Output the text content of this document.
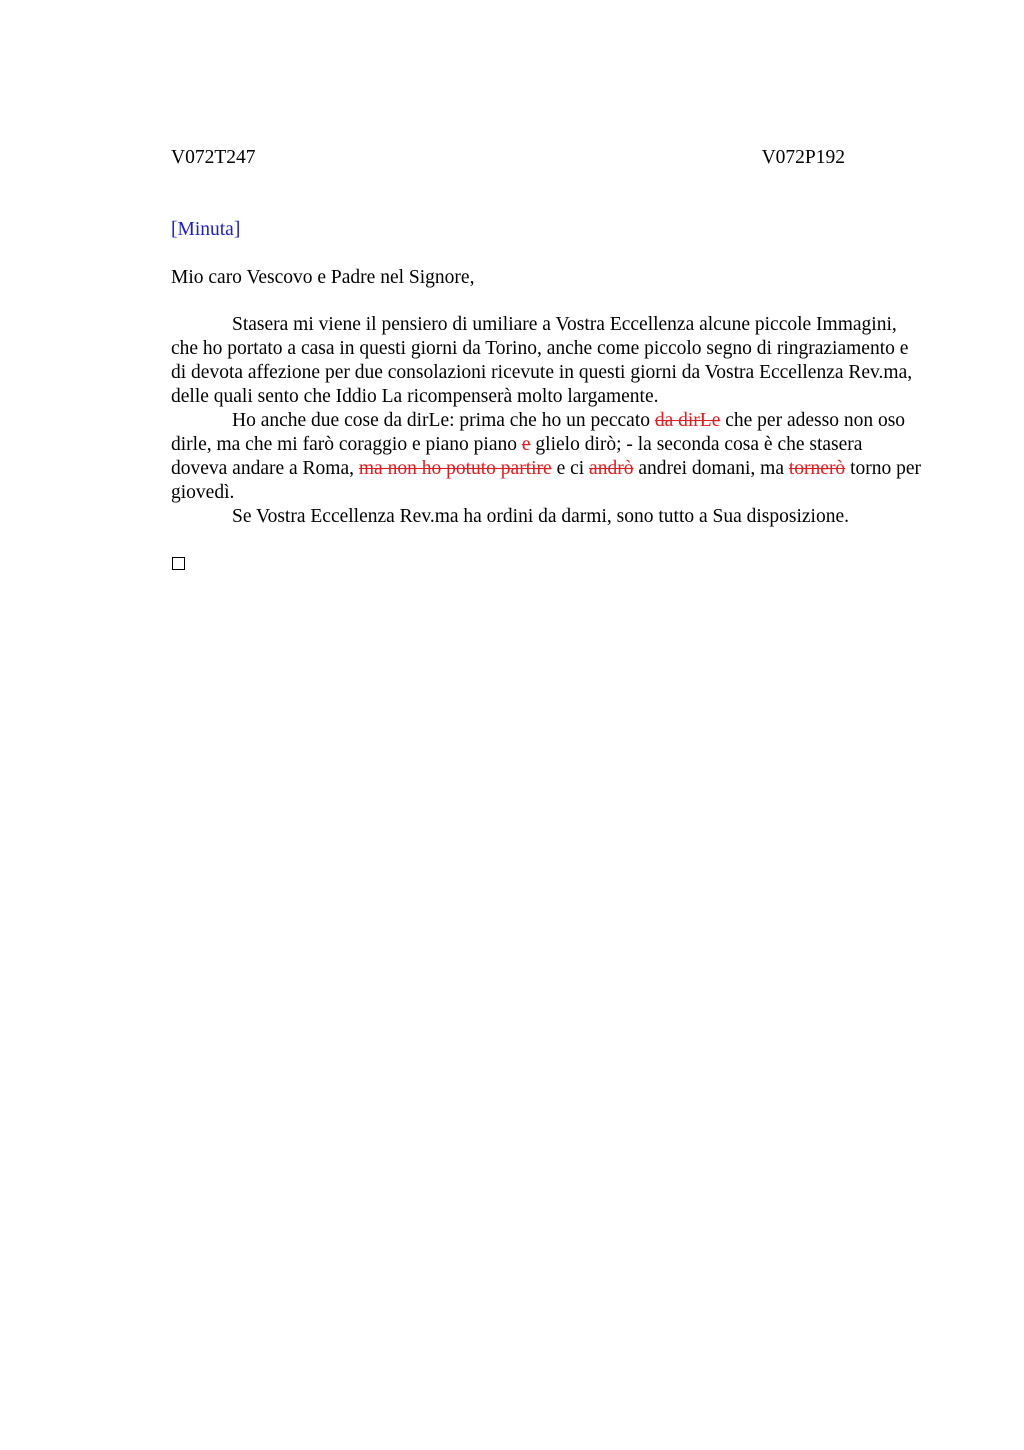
V072T247	V072P192
[Minuta]
Mio caro Vescovo e Padre nel Signore,

Stasera mi viene il pensiero di umiliare a Vostra Eccellenza alcune piccole Immagini, che ho portato a casa in questi giorni da Torino, anche come piccolo segno di ringraziamento e di devota affezione per due consolazioni ricevute in questi giorni da Vostra Eccellenza Rev.ma, delle quali sento che Iddio La ricompenserà molto largamente.

Ho anche due cose da dirLe: prima che ho un peccato da dirLe che per adesso non oso dirle, ma che mi farò coraggio e piano piano e glielo dirò; - la seconda cosa è che stasera doveva andare a Roma, ma non ho potuto partire e ci andrò andrei domani, ma tornerò torno per giovedì.

Se Vostra Eccellenza Rev.ma ha ordini da darmi, sono tutto a Sua disposizione.
